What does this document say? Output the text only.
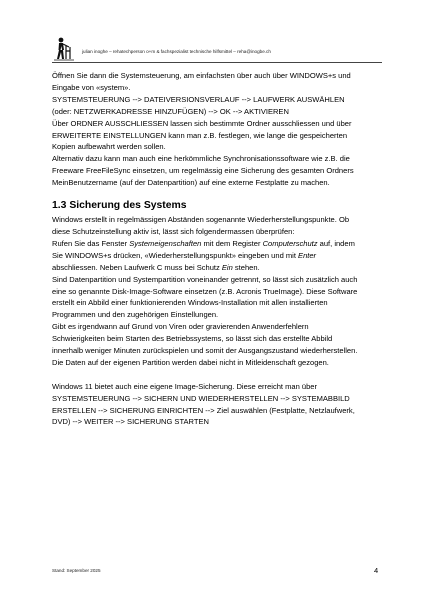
julian inoghe – rehatechperson o+m & fachspezialist technische hilfsmittel – reha@inogbe.ch

Öffnen Sie dann die Systemsteuerung, am einfachsten über auch über WINDOWS+s und

Eingabe von «system».

SYSTEMSTEUERUNG --> DATEIVERSIONSVERLAUF --> LAUFWERK AUSWÄHLEN

(oder: NETZWERKADRESSE HINZUFÜGEN) --> OK --> AKTIVIEREN

Über ORDNER AUSSCHLIESSEN lassen sich bestimmte Ordner ausschliessen und über

ERWEITERTE EINSTELLUNGEN kann man z.B. festlegen, wie lange die gespeicherten

Kopien aufbewahrt werden sollen.

Alternativ dazu kann man auch eine herkömmliche Synchronisationssoftware wie z.B. die

Freeware FreeFileSync einsetzen, um regelmässig eine Sicherung des gesamten Ordners

MeinBenutzername (auf der Datenpartition) auf eine externe Festplatte zu machen.

1.3 Sicherung des Systems

Windows erstellt in regelmässigen Abständen sogenannte Wiederherstellungspunkte. Ob

diese Schutzeinstellung aktiv ist, lässt sich folgendermassen überprüfen:

Rufen Sie das Fenster Systemeigenschaften mit dem Register Computerschutz auf, indem

Sie WINDOWS+s drücken, «Wiederherstellungspunkt» eingeben und mit Enter

abschliessen. Neben Laufwerk C muss bei Schutz Ein stehen.

Sind Datenpartition und Systempartition voneinander getrennt, so lässt sich zusätzlich auch

eine so genannte Disk-Image-Software einsetzen (z.B. Acronis TrueImage). Diese Software

erstellt ein Abbild einer funktionierenden Windows-Installation mit allen installierten

Programmen und den zugehörigen Einstellungen.

Gibt es irgendwann auf Grund von Viren oder gravierenden Anwenderfehlern

Schwierigkeiten beim Starten des Betriebssystems, so lässt sich das erstellte Abbild

innerhalb weniger Minuten zurückspielen und somit der Ausgangszustand wiederherstellen.

Die Daten auf der eigenen Partition werden dabei nicht in Mitleidenschaft gezogen.

Windows 11 bietet auch eine eigene Image-Sicherung. Diese erreicht man über

SYSTEMSTEUERUNG --> SICHERN UND WIEDERHERSTELLEN --> SYSTEMABBILD

ERSTELLEN --> SICHERUNG EINRICHTEN --> Ziel auswählen (Festplatte, Netzlaufwerk,

DVD) --> WEITER --> SICHERUNG STARTEN

Stand: September 2025	4
